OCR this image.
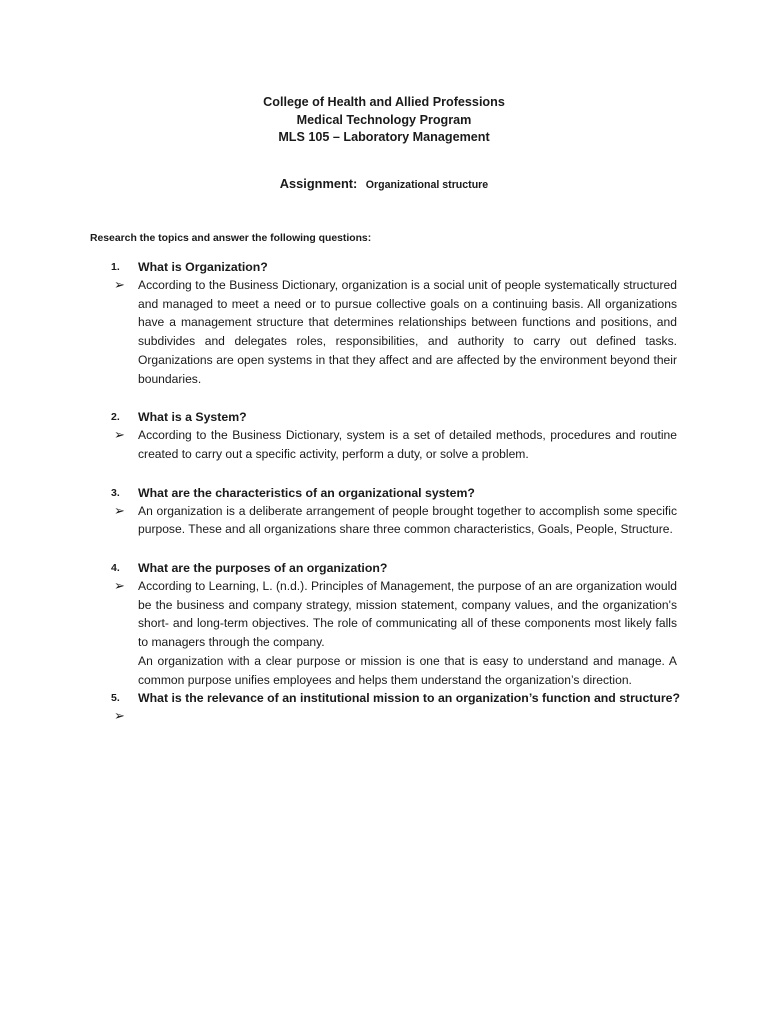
College of Health and Allied Professions
Medical Technology Program
MLS 105 – Laboratory Management
Assignment: Organizational structure
Research the topics and answer the following questions:
1. What is Organization?
➢ According to the Business Dictionary, organization is a social unit of people systematically structured and managed to meet a need or to pursue collective goals on a continuing basis. All organizations have a management structure that determines relationships between functions and positions, and subdivides and delegates roles, responsibilities, and authority to carry out defined tasks. Organizations are open systems in that they affect and are affected by the environment beyond their boundaries.

2. What is a System?
➢ According to the Business Dictionary, system is a set of detailed methods, procedures and routine created to carry out a specific activity, perform a duty, or solve a problem.

3. What are the characteristics of an organizational system?
➢ An organization is a deliberate arrangement of people brought together to accomplish some specific purpose. These and all organizations share three common characteristics, Goals, People, Structure.

4. What are the purposes of an organization?
➢ According to Learning, L. (n.d.). Principles of Management, the purpose of an are organization would be the business and company strategy, mission statement, company values, and the organization's short- and long-term objectives. The role of communicating all of these components most likely falls to managers through the company.

An organization with a clear purpose or mission is one that is easy to understand and manage. A common purpose unifies employees and helps them understand the organization’s direction.

5. What is the relevance of an institutional mission to an organization’s function and structure?
➢
